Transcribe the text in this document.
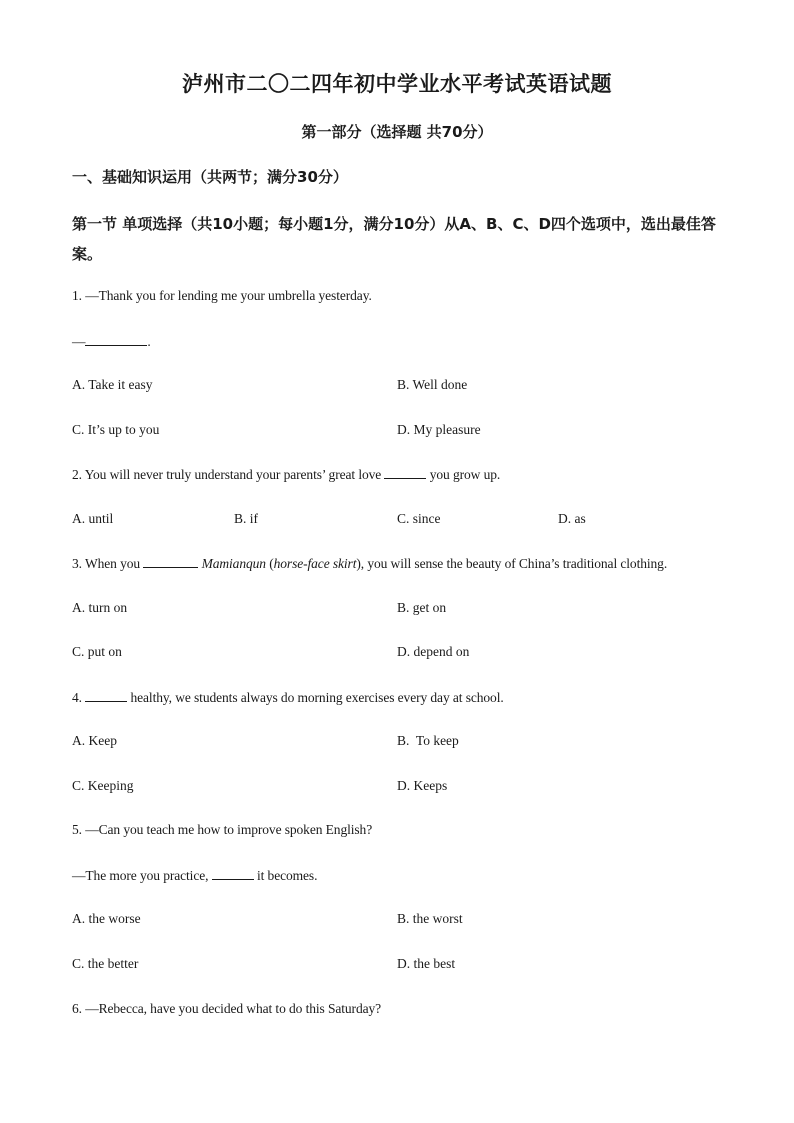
泸州市二〇二四年初中学业水平考试英语试题
第一部分（选择题 共70分）
一、基础知识运用（共两节；满分30分）
第一节 单项选择（共10小题；每小题1分，满分10分）从A、B、C、D四个选项中，选出最佳答案。
1. —Thank you for lending me your umbrella yesterday.
—	.
A. Take it easy	B. Well done
C. It’s up to you	D. My pleasure
2. You will never truly understand your parents’ great love	you grow up.
A. until	B. if	C. since	D. as
3. When you	Mamianqun (horse-face skirt), you will sense the beauty of China’s traditional clothing.
A. turn on	B. get on
C. put on	D. depend on
4.	healthy, we students always do morning exercises every day at school.
A. Keep	B.  To keep
C. Keeping	D. Keeps
5. —Can you teach me how to improve spoken English?
—The more you practice,	it becomes.
A. the worse	B. the worst
C. the better	D. the best
6. —Rebecca, have you decided what to do this Saturday?
